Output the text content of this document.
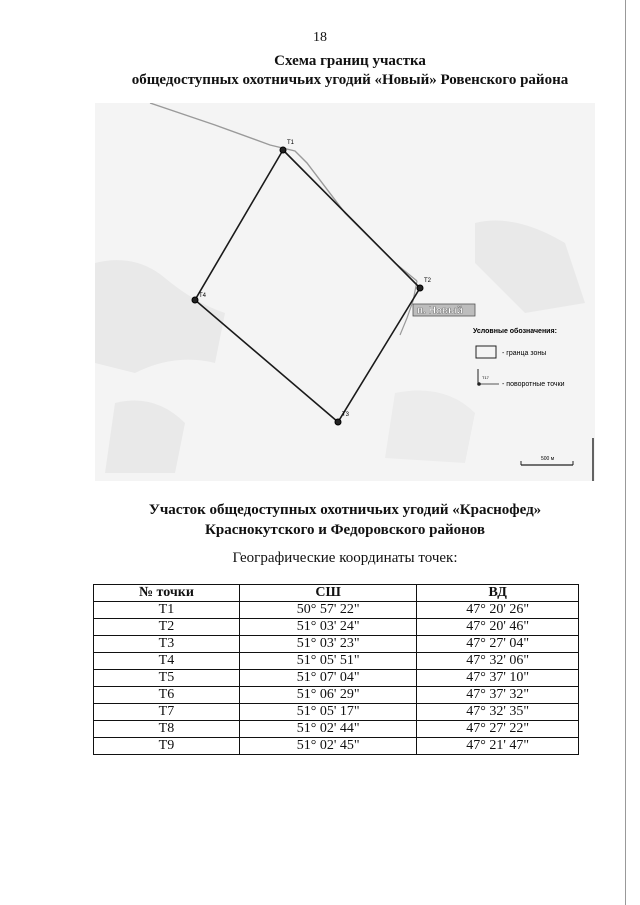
18
Схема границ участка
общедоступных охотничьих угодий «Новый» Ровенского района
Т1
Т2
Т3
Т4
п. Новый
Условные обозначения:
- гранца зоны
Т17
- поворотные точки
500 м
Участок общедоступных охотничьих угодий «Краснофед»
Краснокутского и Федоровского районов
Географические координаты точек:
№ точки	СШ	ВД
Т1	50° 57' 22"	47° 20' 26"
Т2	51° 03' 24"	47° 20' 46"
Т3	51° 03' 23"	47° 27' 04"
Т4	51° 05' 51"	47° 32' 06"
Т5	51° 07' 04"	47° 37' 10"
Т6	51° 06' 29"	47° 37' 32"
Т7	51° 05' 17"	47° 32' 35"
Т8	51° 02' 44"	47° 27' 22"
Т9	51° 02' 45"	47° 21' 47"
